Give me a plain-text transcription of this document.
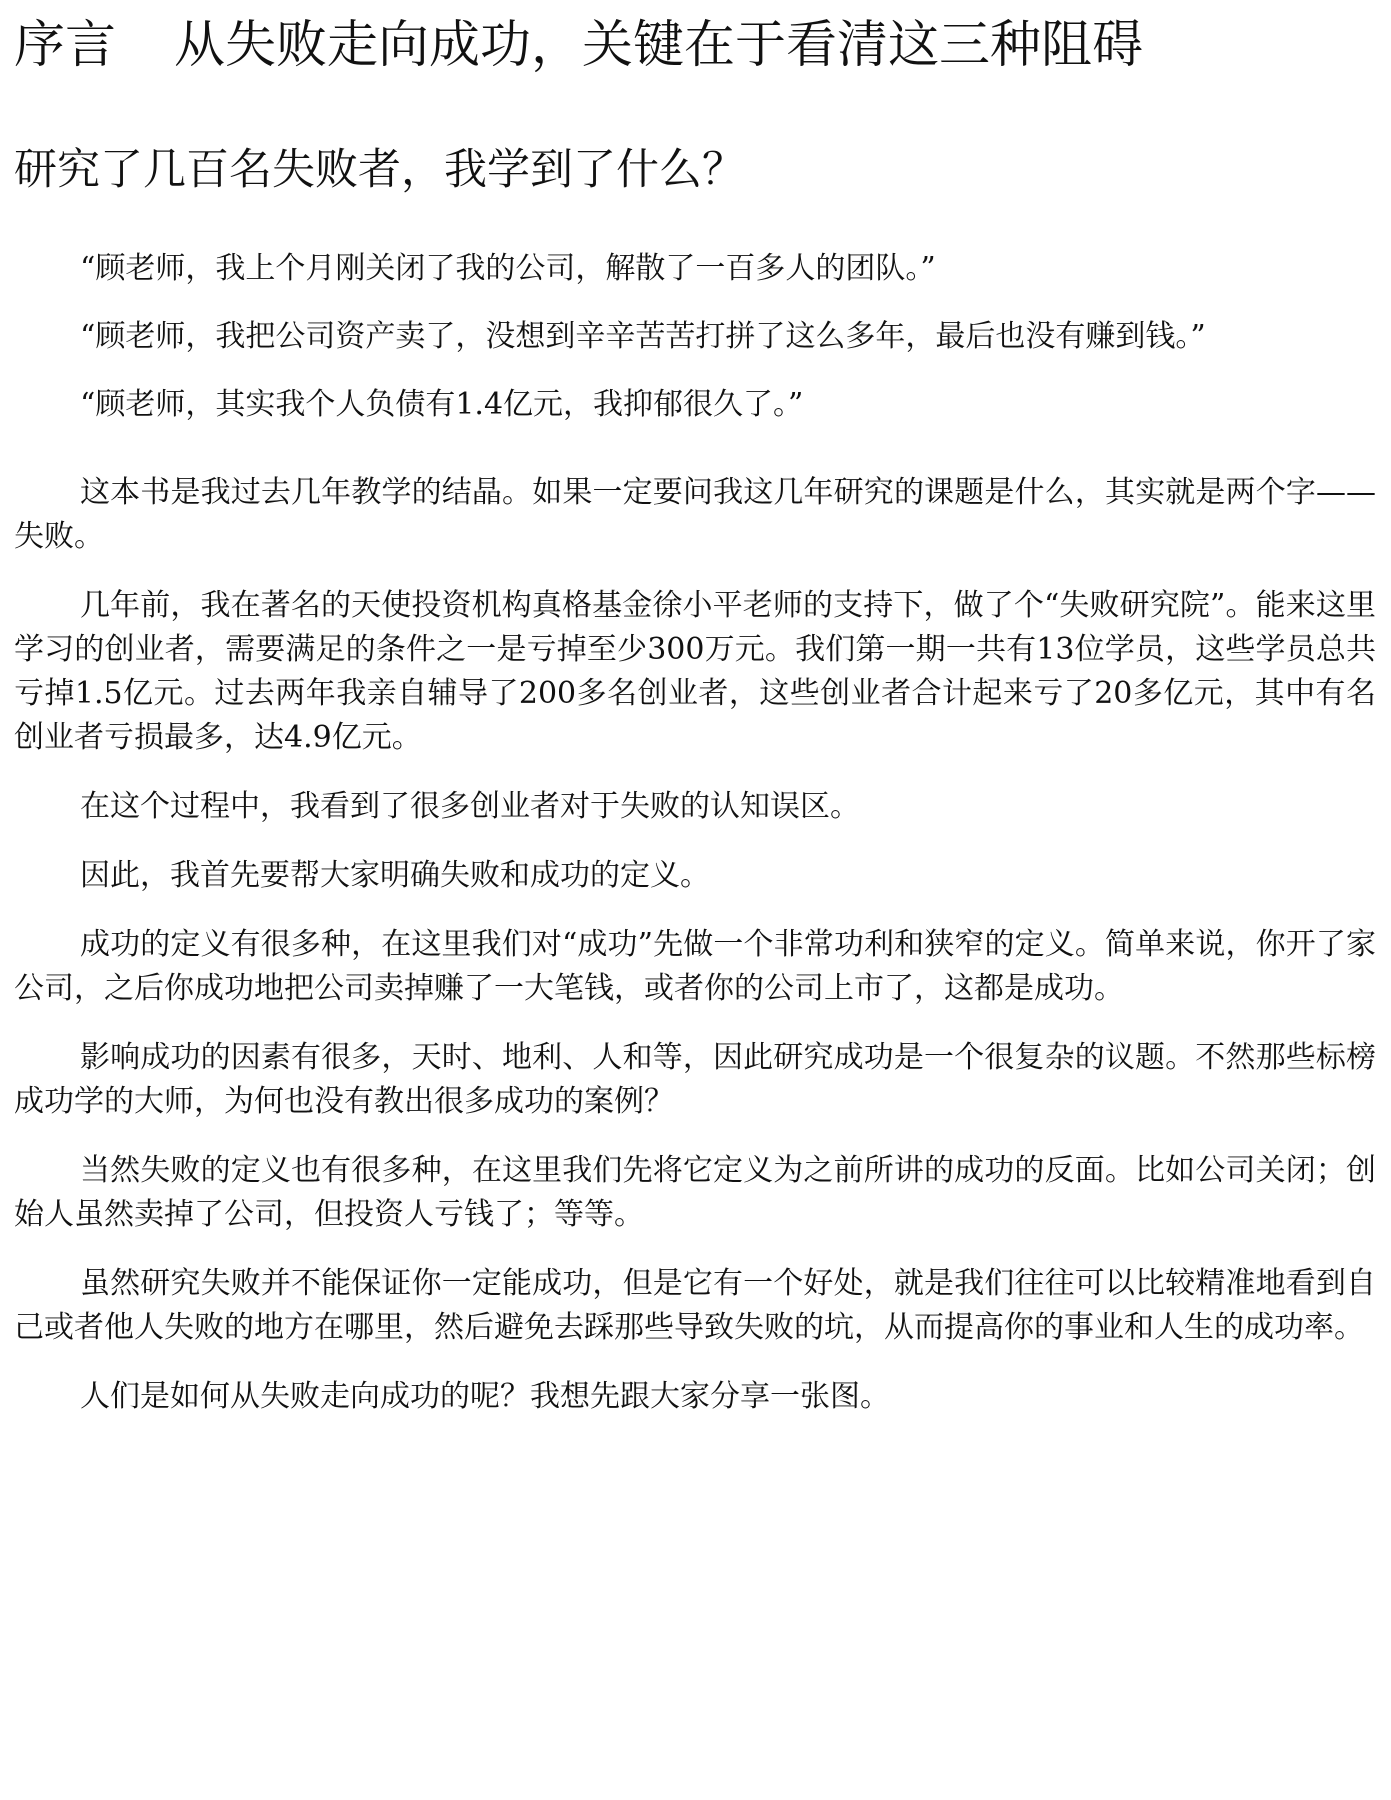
序言 从失败走向成功，关键在于看清这三种阻碍
研究了几百名失败者，我学到了什么？

“顾老师，我上个月刚关闭了我的公司，解散了一百多人的团队。”

“顾老师，我把公司资产卖了，没想到辛辛苦苦打拼了这么多年，最后也没有赚到钱。”

“顾老师，其实我个人负债有1.4亿元，我抑郁很久了。”

这本书是我过去几年教学的结晶。如果一定要问我这几年研究的课题是什么，其实就是两个字——失败。

几年前，我在著名的天使投资机构真格基金徐小平老师的支持下，做了个“失败研究院”。能来这里学习的创业者，需要满足的条件之一是亏掉至少300万元。我们第一期一共有13位学员，这些学员总共亏掉1.5亿元。过去两年我亲自辅导了200多名创业者，这些创业者合计起来亏了20多亿元，其中有名创业者亏损最多，达4.9亿元。

在这个过程中，我看到了很多创业者对于失败的认知误区。

因此，我首先要帮大家明确失败和成功的定义。

成功的定义有很多种，在这里我们对“成功”先做一个非常功利和狭窄的定义。简单来说，你开了家公司，之后你成功地把公司卖掉赚了一大笔钱，或者你的公司上市了，这都是成功。

影响成功的因素有很多，天时、地利、人和等，因此研究成功是一个很复杂的议题。不然那些标榜成功学的大师，为何也没有教出很多成功的案例？

当然失败的定义也有很多种，在这里我们先将它定义为之前所讲的成功的反面。比如公司关闭；创始人虽然卖掉了公司，但投资人亏钱了；等等。

虽然研究失败并不能保证你一定能成功，但是它有一个好处，就是我们往往可以比较精准地看到自己或者他人失败的地方在哪里，然后避免去踩那些导致失败的坑，从而提高你的事业和人生的成功率。

人们是如何从失败走向成功的呢？我想先跟大家分享一张图。
